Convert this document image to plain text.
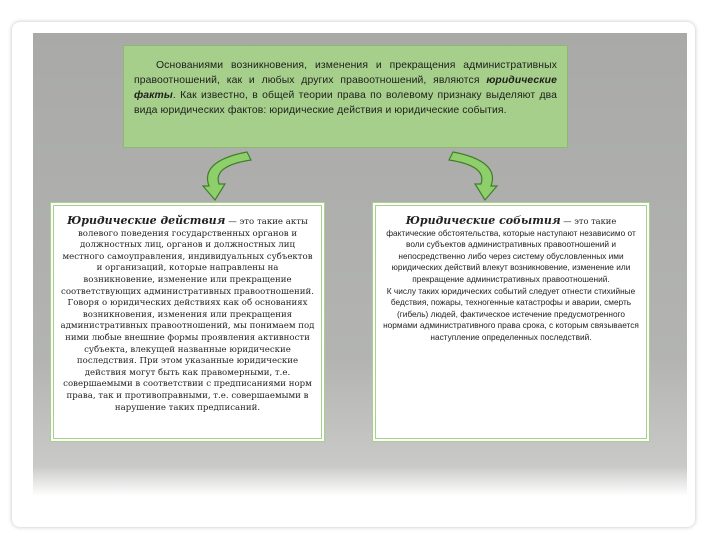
Основаниями возникновения, изменения и прекращения административных правоотношений, как и любых других правоотношений, являются юридические факты. Как известно, в общей теории права по волевому признаку выделяют два вида юридических фактов: юридические действия и юридические события.
Юридические действия — это такие акты волевого поведения государственных органов и должностных лиц, органов и должностных лиц местного самоуправления, индивидуальных субъектов и организаций, которые направлены на возникновение, изменение или прекращение соответствующих административных правоотношений. Говоря о юридических действиях как об основаниях возникновения, изменения или прекращения административных правоотношений, мы понимаем под ними любые внешние формы проявления активности субъекта, влекущей названные юридические последствия. При этом указанные юридические действия могут быть как правомерными, т.е. совершаемыми в соответствии с предписаниями норм права, так и противоправными, т.е. совершаемыми в нарушение таких предписаний.
Юридические события — это такие
фактические обстоятельства, которые наступают независимо от воли субъектов административных правоотношений и непосредственно либо через систему обусловленных ими юридических действий влекут возникновение, изменение или прекращение административных правоотношений.
К числу таких юридических событий следует отнести стихийные бедствия, пожары, техногенные катастрофы и аварии, смерть (гибель) людей, фактическое истечение предусмотренного нормами административного права срока, с которым связывается наступление определенных последствий.
